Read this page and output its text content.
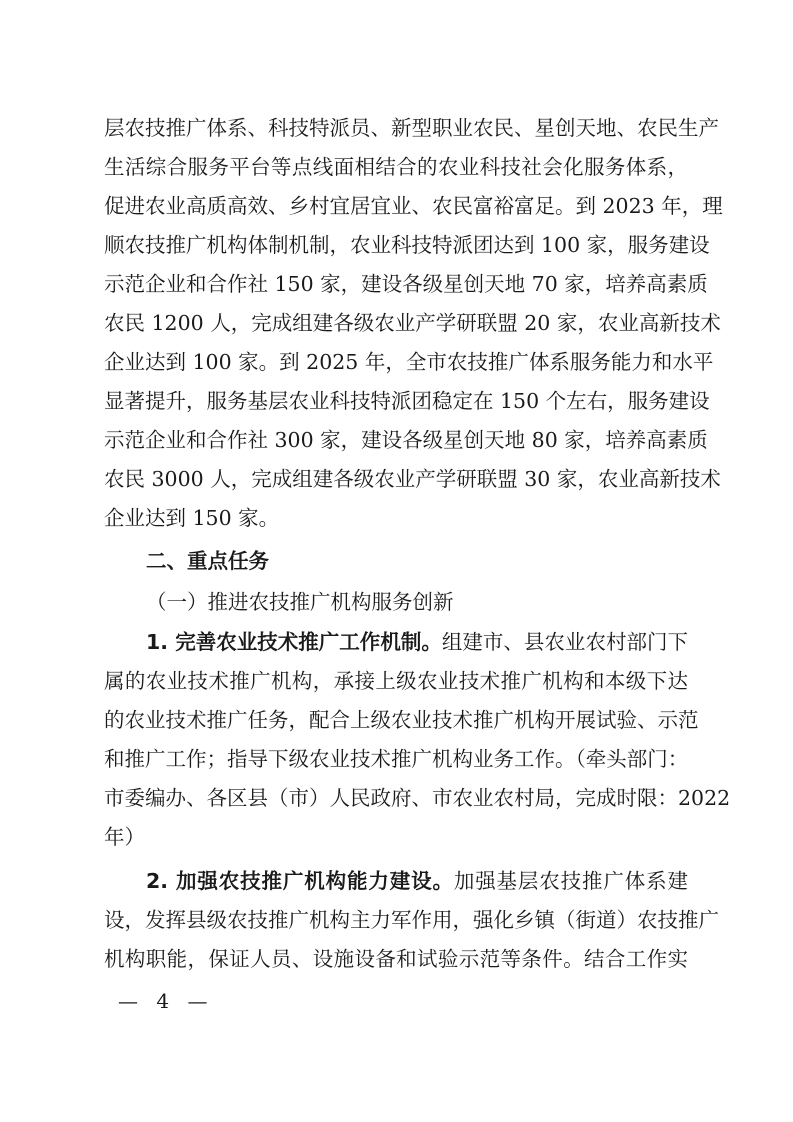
层农技推广体系、科技特派员、新型职业农民、星创天地、农民生产
生活综合服务平台等点线面相结合的农业科技社会化服务体系，
促进农业高质高效、乡村宜居宜业、农民富裕富足。到 2023 年，理
顺农技推广机构体制机制，农业科技特派团达到 100 家，服务建设
示范企业和合作社 150 家，建设各级星创天地 70 家，培养高素质
农民 1200 人，完成组建各级农业产学研联盟 20 家，农业高新技术
企业达到 100 家。到 2025 年，全市农技推广体系服务能力和水平
显著提升，服务基层农业科技特派团稳定在 150 个左右，服务建设
示范企业和合作社 300 家，建设各级星创天地 80 家，培养高素质
农民 3000 人，完成组建各级农业产学研联盟 30 家，农业高新技术
企业达到 150 家。
二、重点任务
（一）推进农技推广机构服务创新
1. 完善农业技术推广工作机制。组建市、县农业农村部门下
属的农业技术推广机构，承接上级农业技术推广机构和本级下达
的农业技术推广任务，配合上级农业技术推广机构开展试验、示范
和推广工作；指导下级农业技术推广机构业务工作。（牵头部门：
市委编办、各区县（市）人民政府、市农业农村局，完成时限：2022
年）
2. 加强农技推广机构能力建设。加强基层农技推广体系建
设，发挥县级农技推广机构主力军作用，强化乡镇（街道）农技推广
机构职能，保证人员、设施设备和试验示范等条件。结合工作实
— 4 —
